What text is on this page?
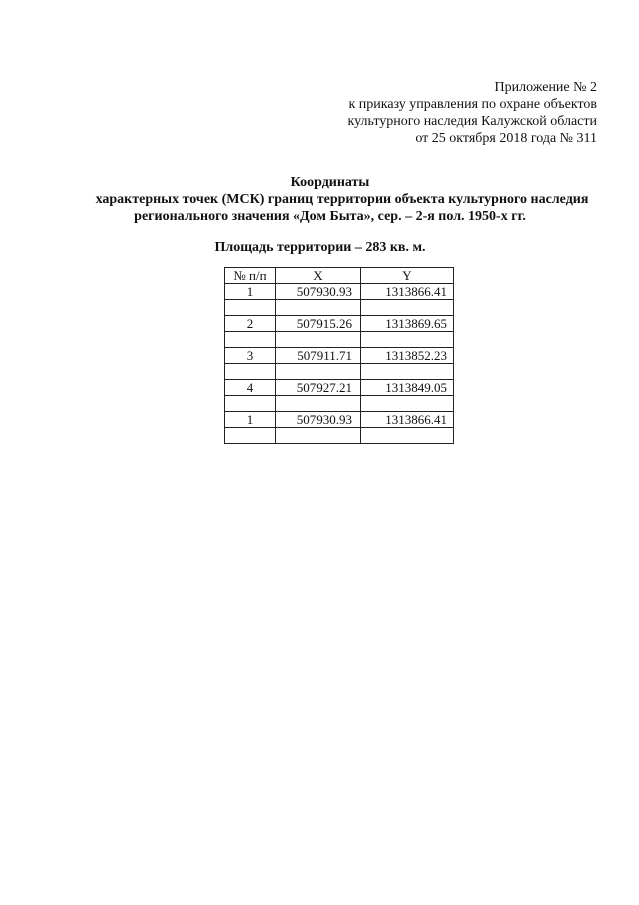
Приложение № 2
к приказу управления по охране объектов
культурного наследия Калужской области
от 25 октября 2018 года № 311
Координаты
характерных точек (МСК) границ территории объекта культурного наследия
регионального значения «Дом Быта», сер. – 2-я пол. 1950-х гг.
Площадь территории – 283 кв. м.
№ п/п	X	Y
1	507930.93	1313866.41

2	507915.26	1313869.65

3	507911.71	1313852.23

4	507927.21	1313849.05

1	507930.93	1313866.41
